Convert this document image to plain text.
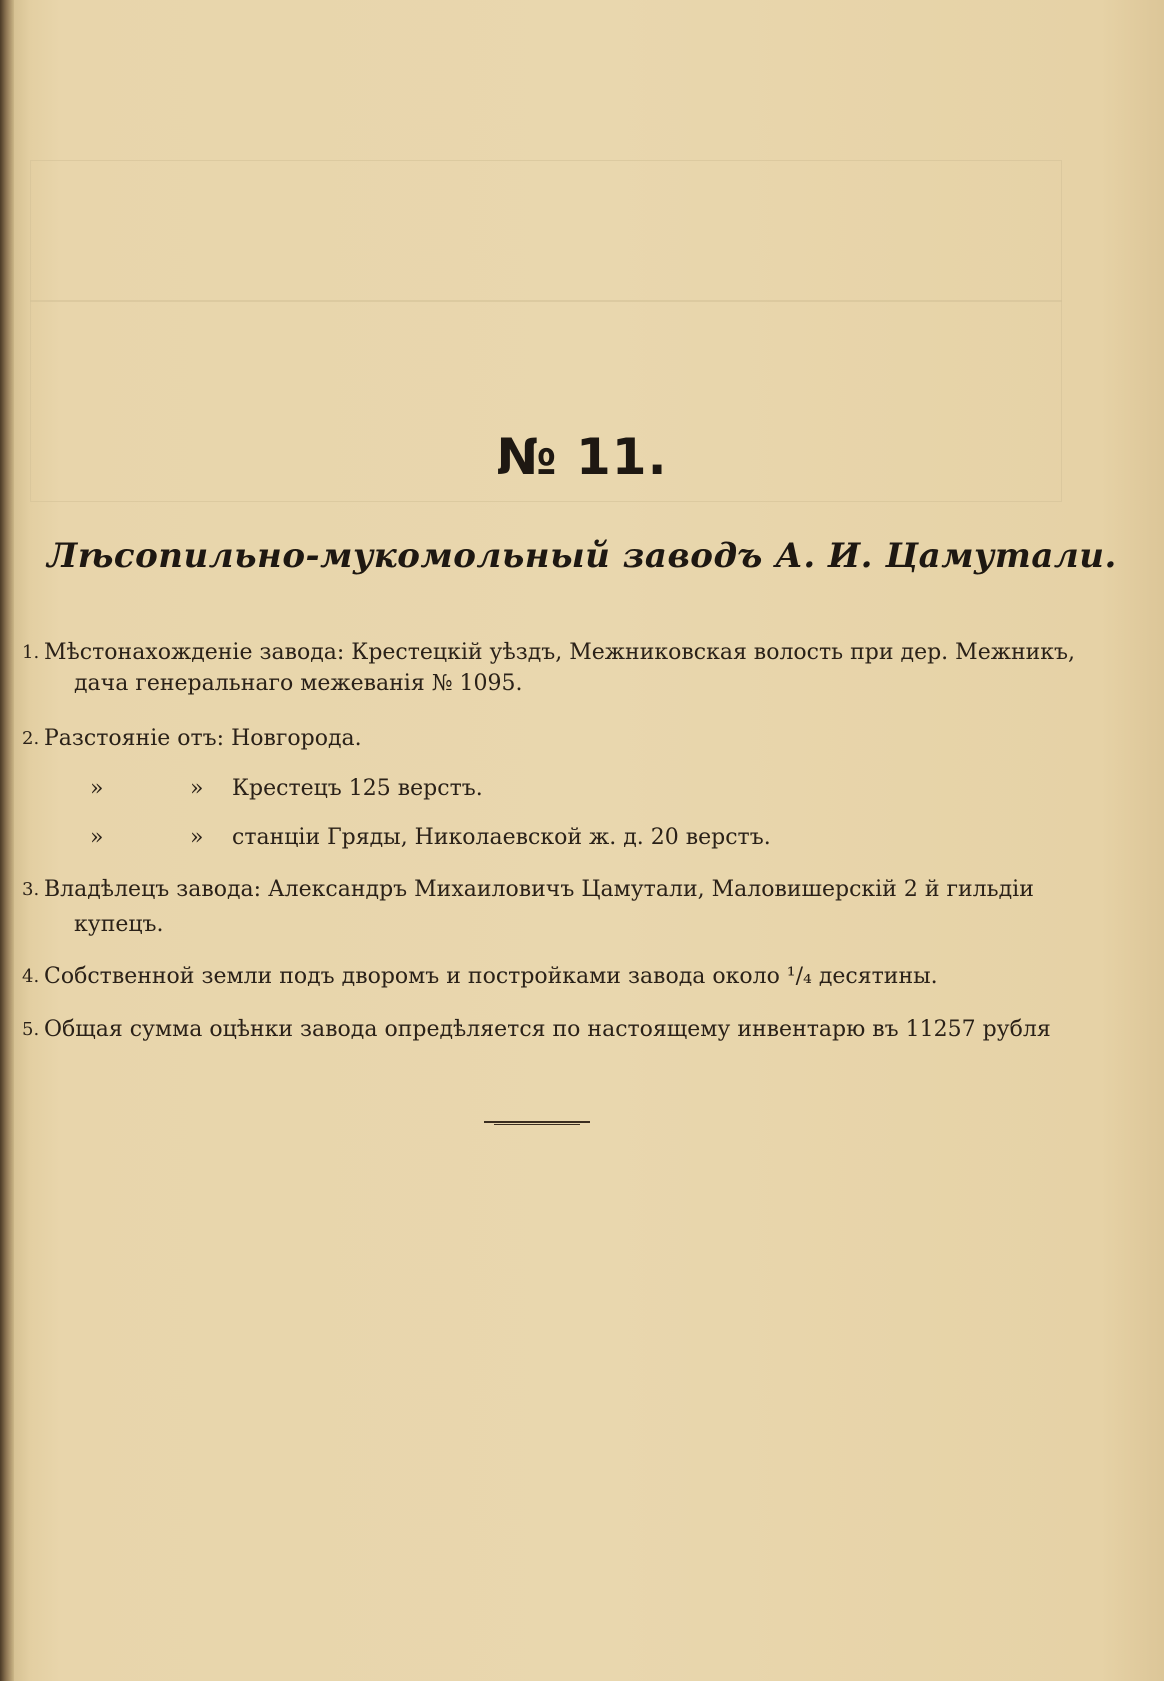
№ 11.
Лѣсопильно-мукомольный заводъ А. И. Цамутали.
1. Мѣстонахожденіе завода: Крестецкій уѣздъ, Межниковская волость при дер. Межникъ,
дача генеральнаго межеванія № 1095.
2. Разстояніе отъ: Новгорода.
»	» Крестецъ 125 верстъ.
»	» станціи Гряды, Николаевской ж. д. 20 верстъ.
3. Владѣлецъ завода: Александръ Михаиловичъ Цамутали, Маловишерскій 2 й гильдіи
купецъ.
4. Собственной земли подъ дворомъ и постройками завода около ¹/₄ десятины.
5. Общая сумма оцѣнки завода опредѣляется по настоящему инвентарю въ 11257 рубля
